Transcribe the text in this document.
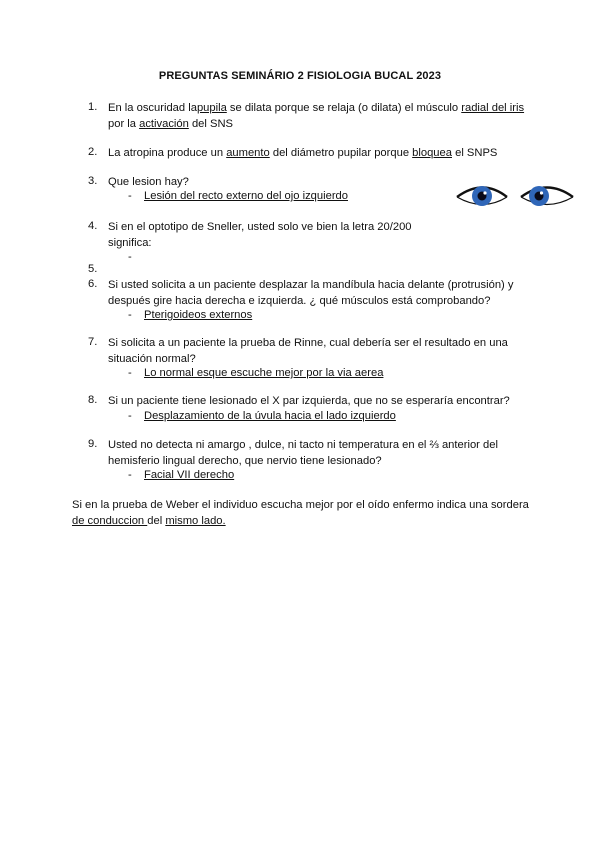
PREGUNTAS SEMINÁRIO 2 FISIOLOGIA BUCAL 2023
1. En la oscuridad lapupila se dilata porque se relaja (o dilata) el músculo radial del iris
por la activación del SNS
2. La atropina produce un aumento del diámetro pupilar porque bloquea el SNPS
3. Que lesion hay?
- Lesión del recto externo del ojo izquierdo
4. Si en el optotipo de Sneller, usted solo ve bien la letra 20/200
significa:
-
5.
6. Si usted solicita a un paciente desplazar la mandíbula hacia delante (protrusión) y
después gire hacia derecha e izquierda. ¿ qué músculos está comprobando?
- Pterigoideos externos
7. Si solicita a un paciente la prueba de Rinne, cual debería ser el resultado en una
situación normal?
- Lo normal esque escuche mejor por la via aerea
8. Si un paciente tiene lesionado el X par izquierda, que no se esperaría encontrar?
- Desplazamiento de la úvula hacia el lado izquierdo
9. Usted no detecta ni amargo , dulce, ni tacto ni temperatura en el ⅔ anterior del
hemisferio lingual derecho, que nervio tiene lesionado?
- Facial VII derecho
Si en la prueba de Weber el individuo escucha mejor por el oído enfermo indica una sordera
de conduccion del mismo lado.
